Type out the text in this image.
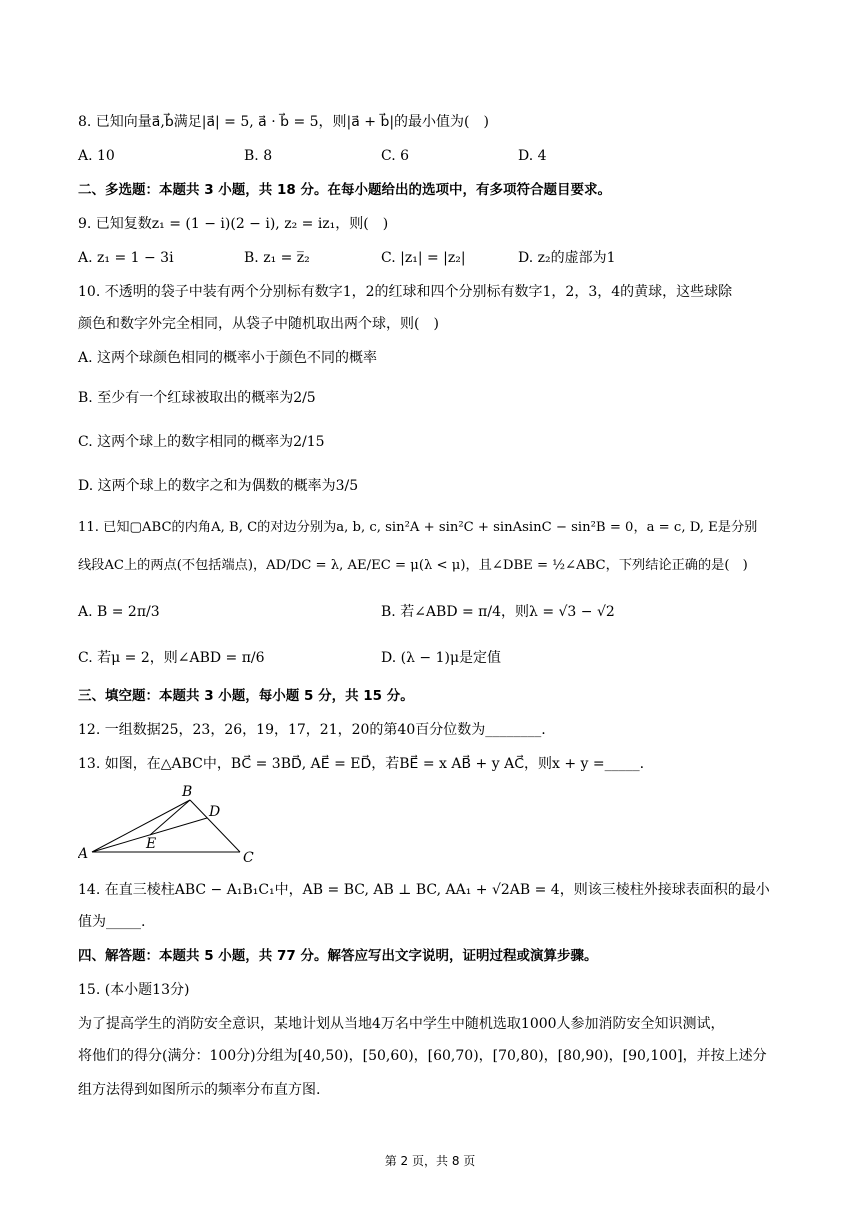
8. 已知向量a⃗,b⃗满足|a⃗| = 5, a⃗ · b⃗ = 5，则|a⃗ + b⃗|的最小值为(　)
A. 10	B. 8	C. 6	D. 4
二、多选题：本题共 3 小题，共 18 分。在每小题给出的选项中，有多项符合题目要求。
9. 已知复数z₁ = (1 − i)(2 − i), z₂ = iz₁，则(　)
A. z₁ = 1 − 3i	B. z₁ = z̅₂	C. |z₁| = |z₂|	D. z₂的虚部为1
10. 不透明的袋子中装有两个分别标有数字1，2的红球和四个分别标有数字1，2，3，4的黄球，这些球除
颜色和数字外完全相同，从袋子中随机取出两个球，则(　)
A. 这两个球颜色相同的概率小于颜色不同的概率
B. 至少有一个红球被取出的概率为2/5
C. 这两个球上的数字相同的概率为2/15
D. 这两个球上的数字之和为偶数的概率为3/5
11. 已知▢ABC的内角A, B, C的对边分别为a, b, c, sin²A + sin²C + sinAsinC − sin²B = 0，a = c, D, E是分别
线段AC上的两点(不包括端点)，AD/DC = λ, AE/EC = μ(λ < μ)，且∠DBE = ½∠ABC，下列结论正确的是(　)
A. B = 2π/3	B. 若∠ABD = π/4，则λ = √3 − √2
C. 若μ = 2，则∠ABD = π/6	D. (λ − 1)μ是定值
三、填空题：本题共 3 小题，每小题 5 分，共 15 分。
12. 一组数据25，23，26，19，17，21，20的第40百分位数为________.
13. 如图，在△ABC中，BC⃗ = 3BD⃗, AE⃗ = ED⃗，若BE⃗ = x AB⃗ + y AC⃗，则x + y =_____.
A
B
C
D
E
14. 在直三棱柱ABC − A₁B₁C₁中，AB = BC, AB ⊥ BC, AA₁ + √2AB = 4，则该三棱柱外接球表面积的最小
值为_____.
四、解答题：本题共 5 小题，共 77 分。解答应写出文字说明，证明过程或演算步骤。
15. (本小题13分)
为了提高学生的消防安全意识，某地计划从当地4万名中学生中随机选取1000人参加消防安全知识测试，
将他们的得分(满分：100分)分组为[40,50)，[50,60)，[60,70)，[70,80)，[80,90)，[90,100]，并按上述分
组方法得到如图所示的频率分布直方图.
第 2 页，共 8 页
